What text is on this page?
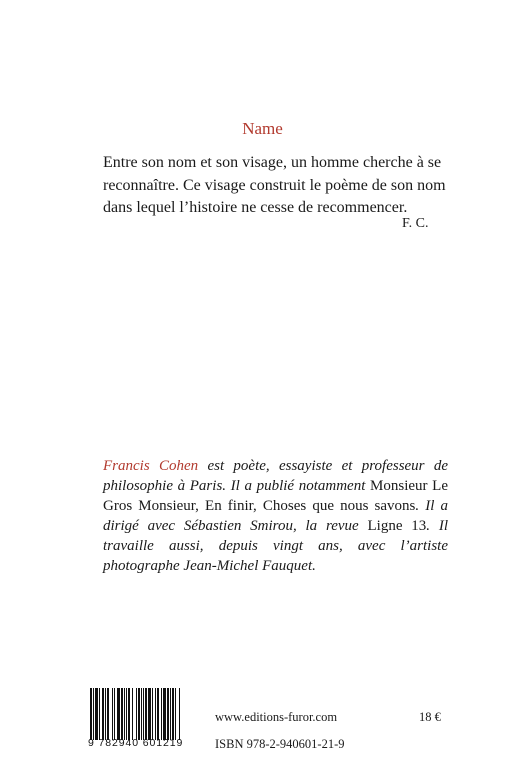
Name

Entre son nom et son visage, un homme cherche à se reconnaître. Ce visage construit le poème de son nom dans lequel l’histoire ne cesse de recommencer.

F. C.
Francis Cohen est poète, essayiste et professeur de philosophie à Paris. Il a publié notamment Monsieur Le Gros Monsieur, En finir, Choses que nous savons. Il a dirigé avec Sébastien Smirou, la revue Ligne 13. Il travaille aussi, depuis vingt ans, avec l’artiste photographe Jean-Michel Fauquet.
9 782940 601219
www.editions-furor.com	18 €
ISBN 978-2-940601-21-9
